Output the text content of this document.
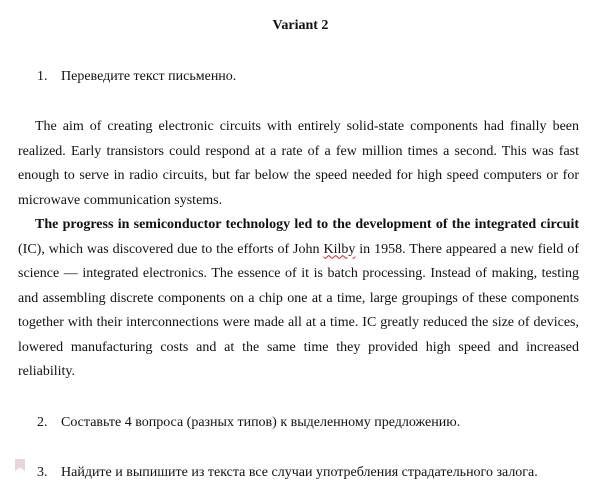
Variant 2
1. Переведите текст письменно.
The aim of creating electronic circuits with entirely solid-state components had finally been realized. Early transistors could respond at a rate of a few million times a second. This was fast enough to serve in radio circuits, but far below the speed needed for high speed computers or for microwave communication systems.
The progress in semiconductor technology led to the development of the integrated circuit (IC), which was discovered due to the efforts of John Kilby in 1958. There appeared a new field of science — integrated electronics. The essence of it is batch processing. Instead of making, testing and assembling discrete components on a chip one at a time, large groupings of these components together with their interconnections were made all at a time. IC greatly reduced the size of devices, lowered manufacturing costs and at the same time they provided high speed and increased reliability.
2. Составьте 4 вопроса (разных типов) к выделенному предложению.
3. Найдите и выпишите из текста все случаи употребления страдательного залога.
